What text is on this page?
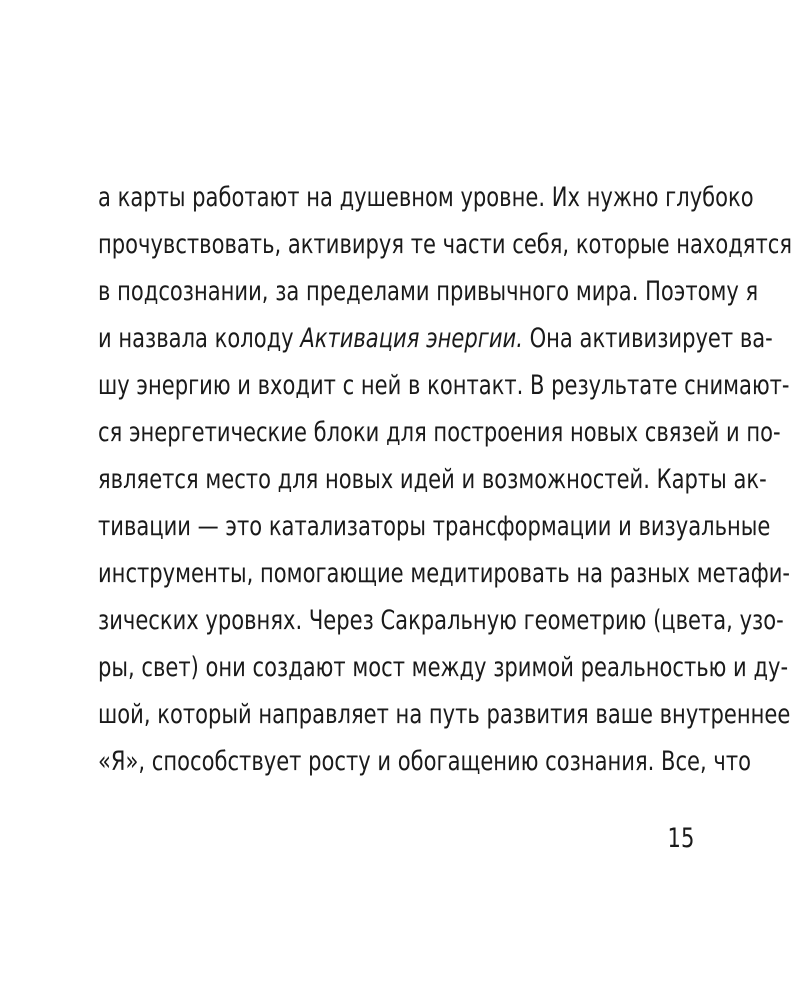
а карты работают на душевном уровне. Их нужно глубоко
прочувствовать, активируя те части себя, которые находятся
в подсознании, за пределами привычного мира. Поэтому я
и назвала колоду Активация энергии. Она активизирует ва-
шу энергию и входит с ней в контакт. В результате снимают-
ся энергетические блоки для построения новых связей и по-
является место для новых идей и возможностей. Карты ак-
тивации — это катализаторы трансформации и визуальные
инструменты, помогающие медитировать на разных метафи-
зических уровнях. Через Сакральную геометрию (цвета, узо-
ры, свет) они создают мост между зримой реальностью и ду-
шой, который направляет на путь развития ваше внутреннее
«Я», способствует росту и обогащению сознания. Все, что
15
